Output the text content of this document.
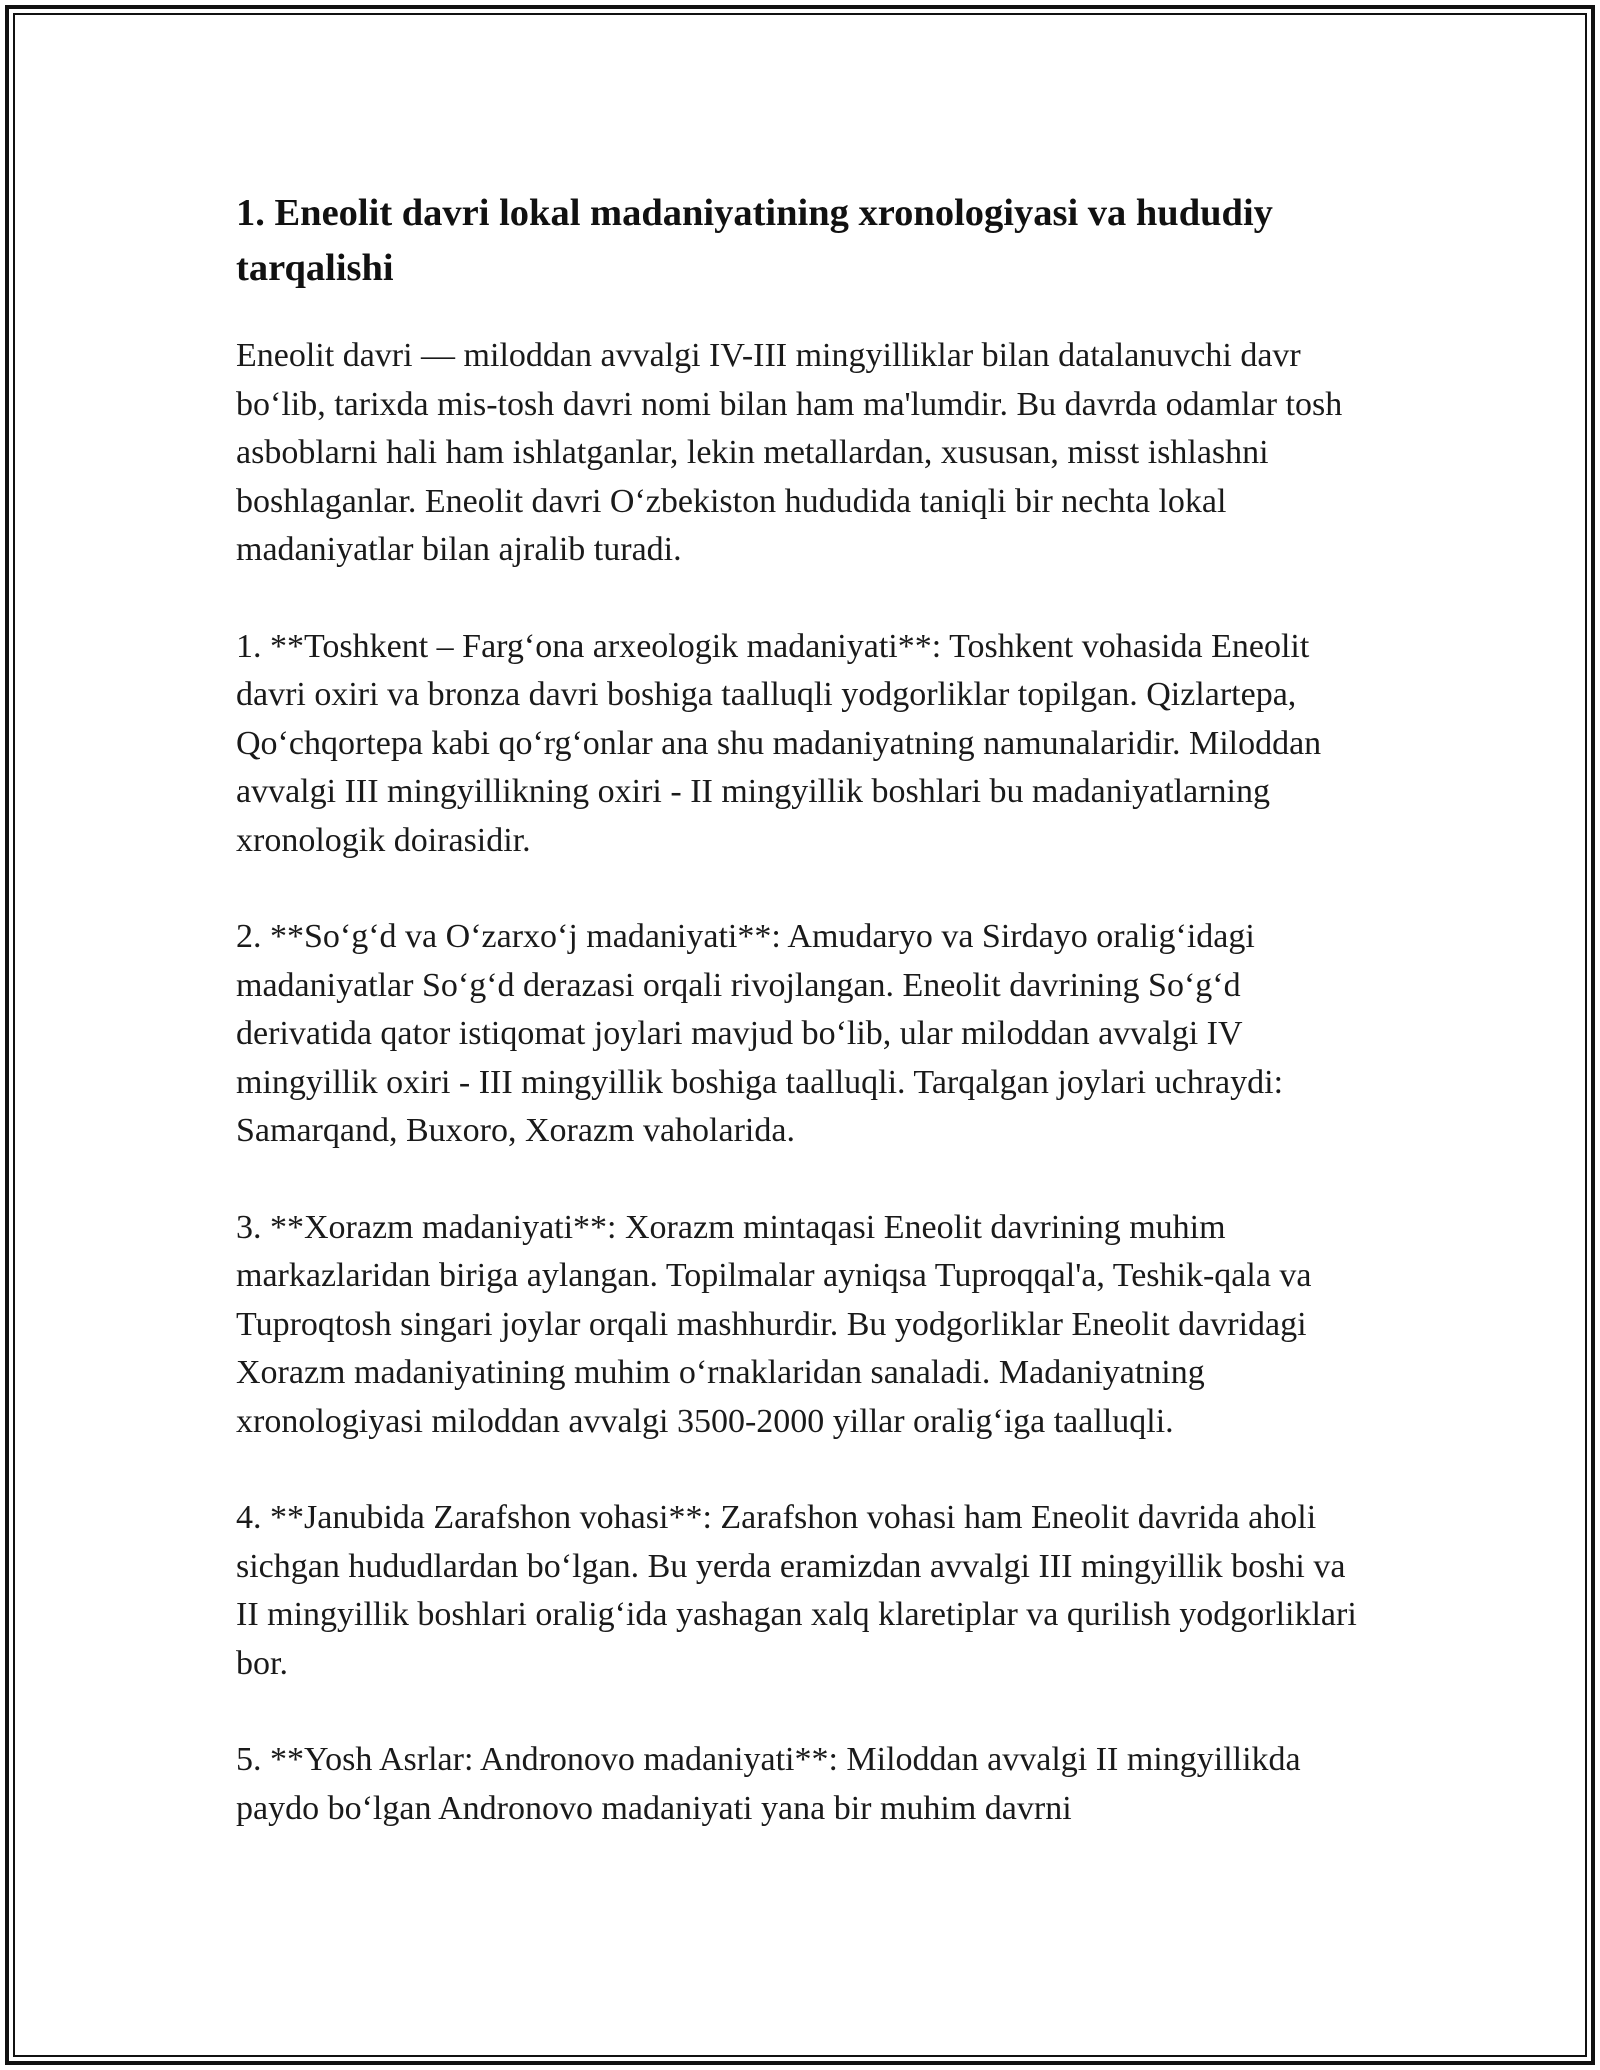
1. Eneolit davri lokal madaniyatining xronologiyasi va hududiy tarqalishi

Eneolit davri — miloddan avvalgi IV-III mingyilliklar bilan datalanuvchi davr bo‘lib, tarixda mis-tosh davri nomi bilan ham ma'lumdir. Bu davrda odamlar tosh asboblarni hali ham ishlatganlar, lekin metallardan, xususan, misst ishlashni boshlaganlar. Eneolit davri O‘zbekiston hududida taniqli bir nechta lokal madaniyatlar bilan ajralib turadi.

1. **Toshkent – Farg‘ona arxeologik madaniyati**: Toshkent vohasida Eneolit davri oxiri va bronza davri boshiga taalluqli yodgorliklar topilgan. Qizlartepa, Qo‘chqortepa kabi qo‘rg‘onlar ana shu madaniyatning namunalaridir. Miloddan avvalgi III mingyillikning oxiri - II mingyillik boshlari bu madaniyatlarning xronologik doirasidir.

2. **So‘g‘d va O‘zarxo‘j madaniyati**: Amudaryo va Sirdayo oralig‘idagi madaniyatlar So‘g‘d derazasi orqali rivojlangan. Eneolit davrining So‘g‘d derivatida qator istiqomat joylari mavjud bo‘lib, ular miloddan avvalgi IV mingyillik oxiri - III mingyillik boshiga taalluqli. Tarqalgan joylari uchraydi: Samarqand, Buxoro, Xorazm vaholarida.

3. **Xorazm madaniyati**: Xorazm mintaqasi Eneolit davrining muhim markazlaridan biriga aylangan. Topilmalar ayniqsa Tuproqqal'a, Teshik-qala va Tuproqtosh singari joylar orqali mashhurdir. Bu yodgorliklar Eneolit davridagi Xorazm madaniyatining muhim o‘rnaklaridan sanaladi. Madaniyatning xronologiyasi miloddan avvalgi 3500-2000 yillar oralig‘iga taalluqli.

4. **Janubida Zarafshon vohasi**: Zarafshon vohasi ham Eneolit davrida aholi sichgan hududlardan bo‘lgan. Bu yerda eramizdan avvalgi III mingyillik boshi va II mingyillik boshlari oralig‘ida yashagan xalq klaretiplar va qurilish yodgorliklari bor.

5. **Yosh Asrlar: Andronovo madaniyati**: Miloddan avvalgi II mingyillikda paydo bo‘lgan Andronovo madaniyati yana bir muhim davrni
